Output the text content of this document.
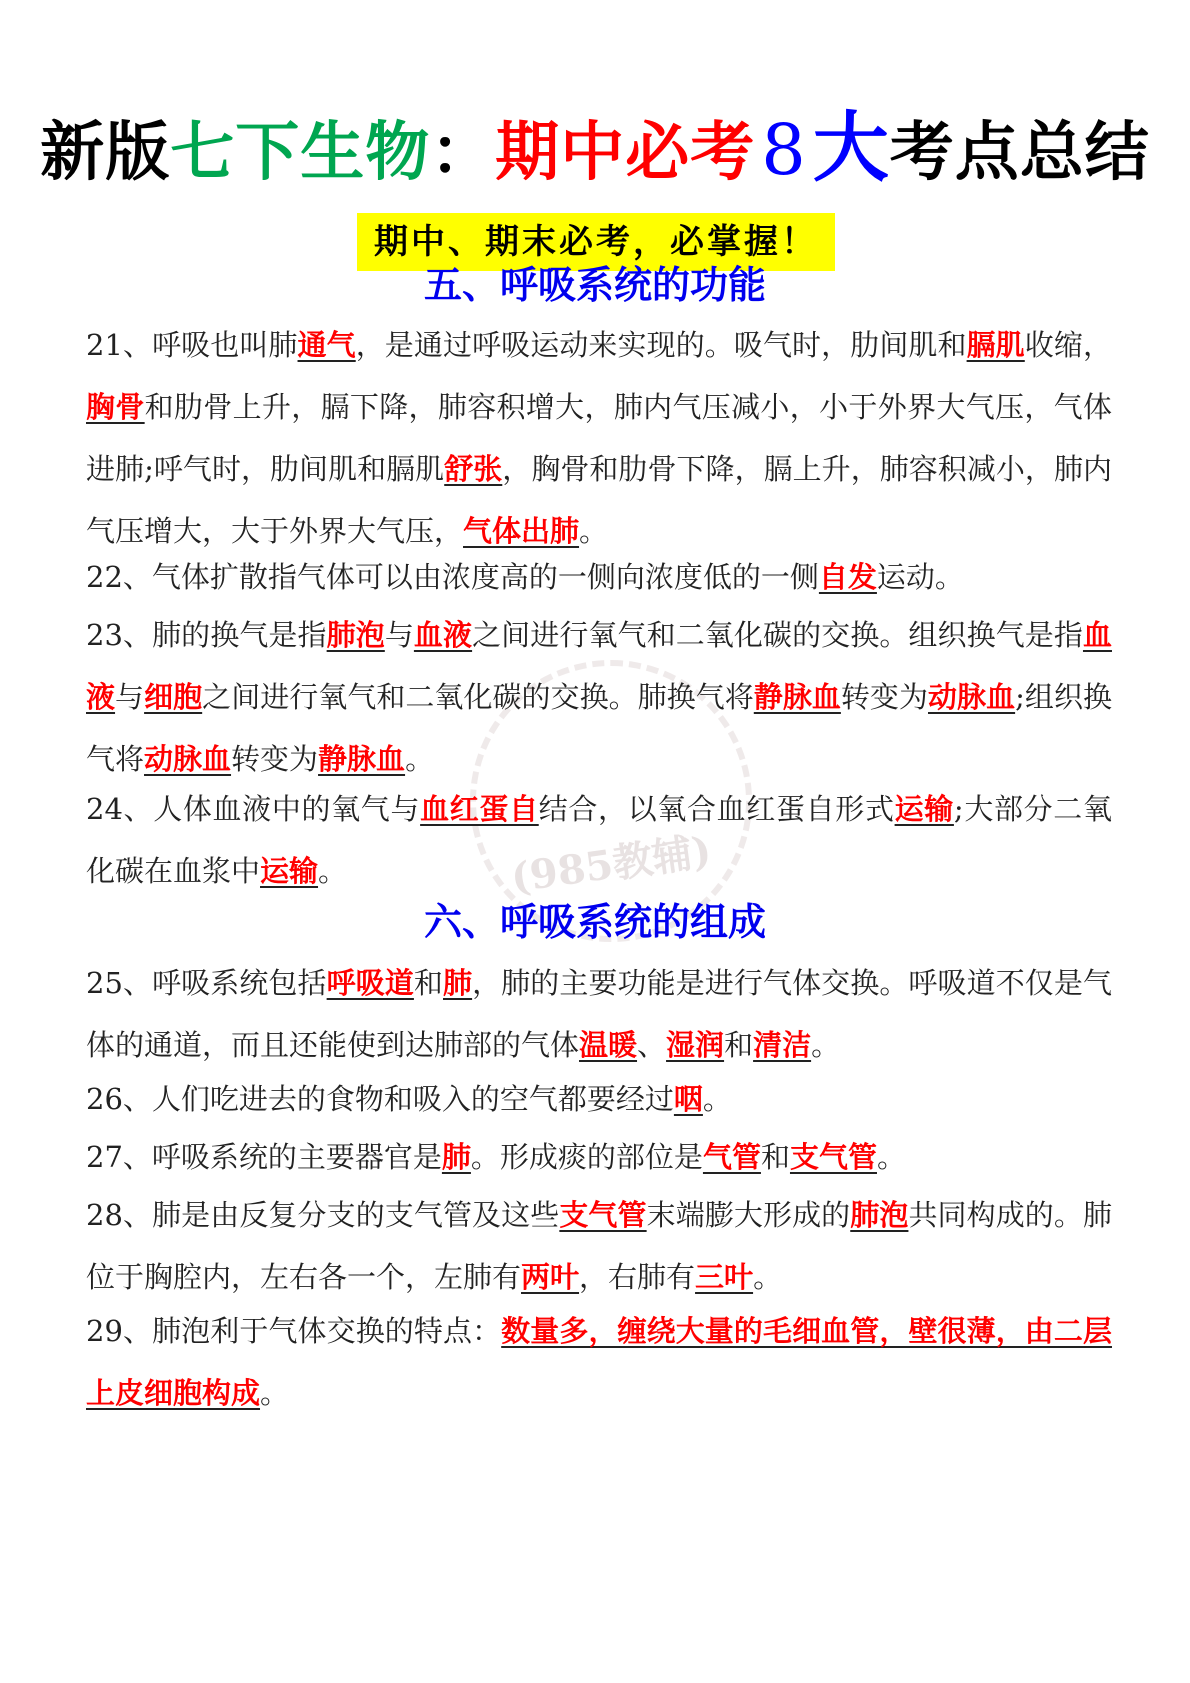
新版七下生物：期中必考8大考点总结
期中、期末必考，必掌握！
(985教辅)
五、呼吸系统的功能
21、呼吸也叫肺通气，是通过呼吸运动来实现的。吸气时，肋间肌和膈肌收缩，胸骨和肋骨上升，膈下降，肺容积增大，肺内气压减小，小于外界大气压，气体进肺;呼气时，肋间肌和膈肌舒张，胸骨和肋骨下降，膈上升，肺容积减小，肺内气压增大，大于外界大气压，气体出肺。
22、气体扩散指气体可以由浓度高的一侧向浓度低的一侧自发运动。
23、肺的换气是指肺泡与血液之间进行氧气和二氧化碳的交换。组织换气是指血液与细胞之间进行氧气和二氧化碳的交换。肺换气将静脉血转变为动脉血;组织换气将动脉血转变为静脉血。
24、人体血液中的氧气与血红蛋自结合，以氧合血红蛋自形式运输;大部分二氧化碳在血浆中运输。
六、呼吸系统的组成
25、呼吸系统包括呼吸道和肺，肺的主要功能是进行气体交换。呼吸道不仅是气体的通道，而且还能使到达肺部的气体温暖、湿润和清洁。
26、人们吃进去的食物和吸入的空气都要经过咽。
27、呼吸系统的主要器官是肺。形成痰的部位是气管和支气管。
28、肺是由反复分支的支气管及这些支气管末端膨大形成的肺泡共同构成的。肺位于胸腔内，左右各一个，左肺有两叶，右肺有三叶。
29、肺泡利于气体交换的特点：数量多，缠绕大量的毛细血管，壁很薄，由二层上皮细胞构成。
